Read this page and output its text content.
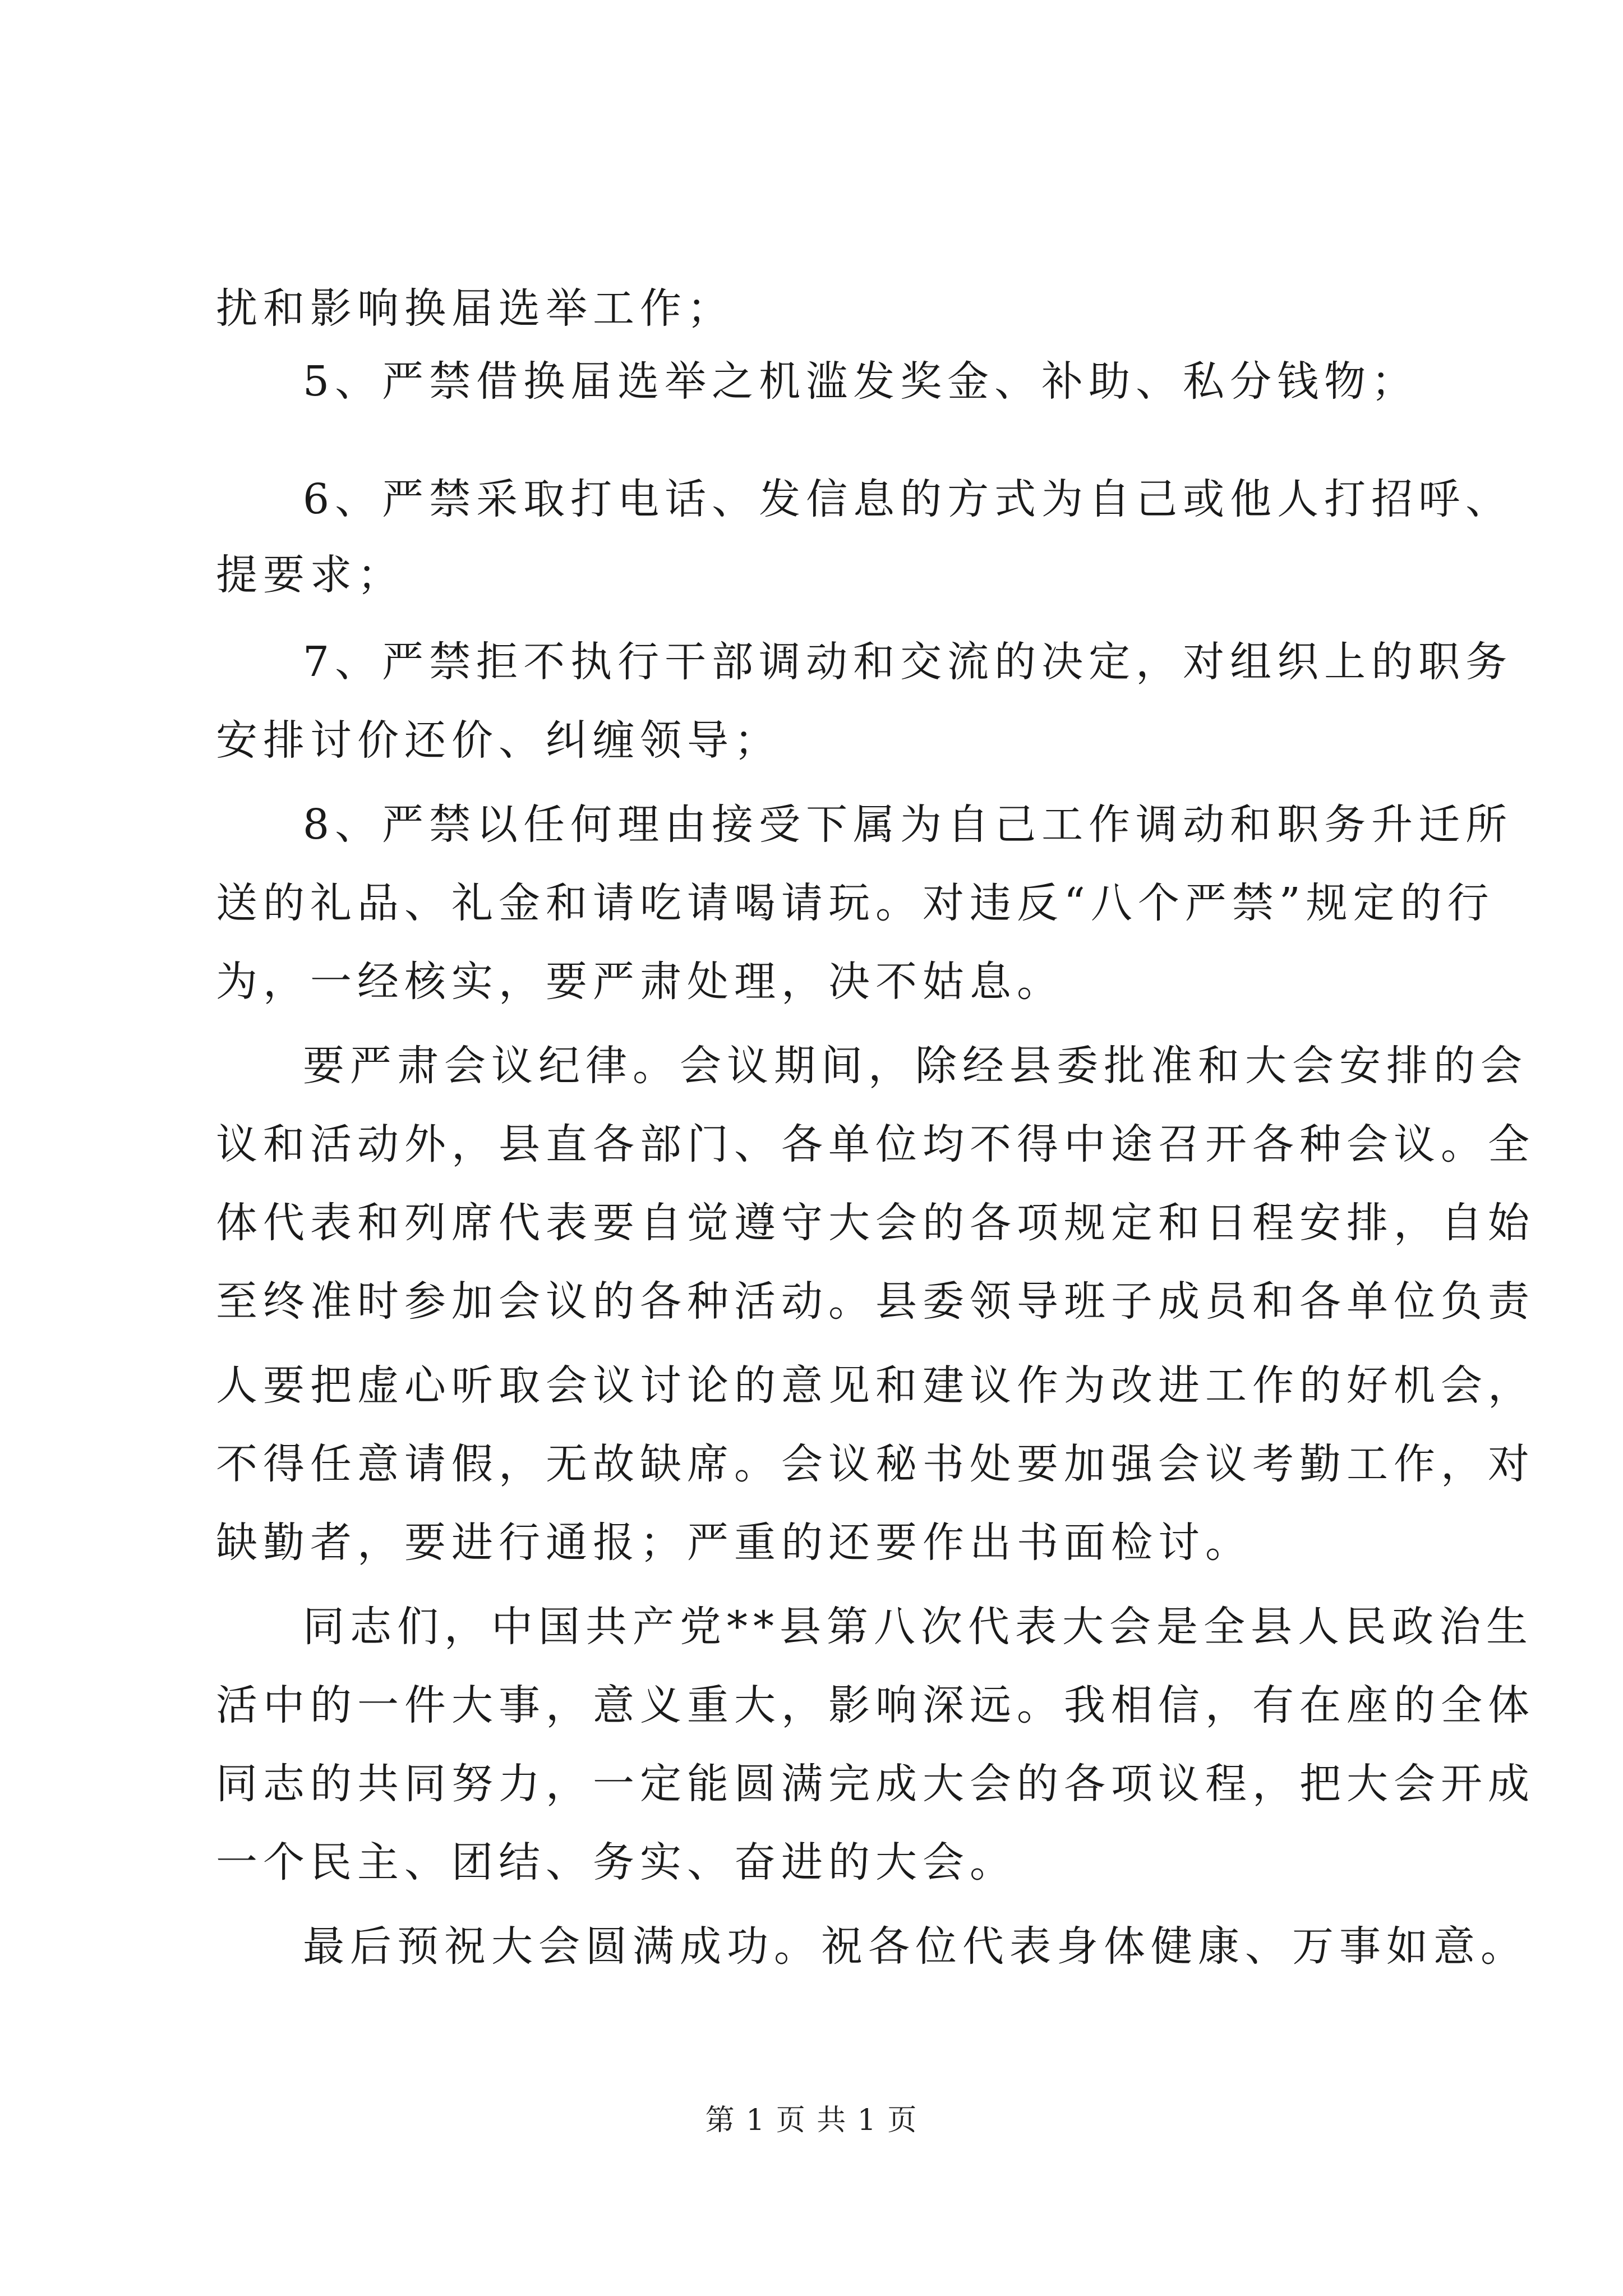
扰和影响换届选举工作；
5、严禁借换届选举之机滥发奖金、补助、私分钱物；
6、严禁采取打电话、发信息的方式为自己或他人打招呼、
提要求；
7、严禁拒不执行干部调动和交流的决定，对组织上的职务
安排讨价还价、纠缠领导；
8、严禁以任何理由接受下属为自己工作调动和职务升迁所
送的礼品、礼金和请吃请喝请玩。对违反“八个严禁”规定的行
为，一经核实，要严肃处理，决不姑息。
要严肃会议纪律。会议期间，除经县委批准和大会安排的会
议和活动外，县直各部门、各单位均不得中途召开各种会议。全
体代表和列席代表要自觉遵守大会的各项规定和日程安排，自始
至终准时参加会议的各种活动。县委领导班子成员和各单位负责
人要把虚心听取会议讨论的意见和建议作为改进工作的好机会，
不得任意请假，无故缺席。会议秘书处要加强会议考勤工作，对
缺勤者，要进行通报；严重的还要作出书面检讨。
同志们，中国共产党**县第八次代表大会是全县人民政治生
活中的一件大事，意义重大，影响深远。我相信，有在座的全体
同志的共同努力，一定能圆满完成大会的各项议程，把大会开成
一个民主、团结、务实、奋进的大会。
最后预祝大会圆满成功。祝各位代表身体健康、万事如意。
第 1 页 共 1 页
